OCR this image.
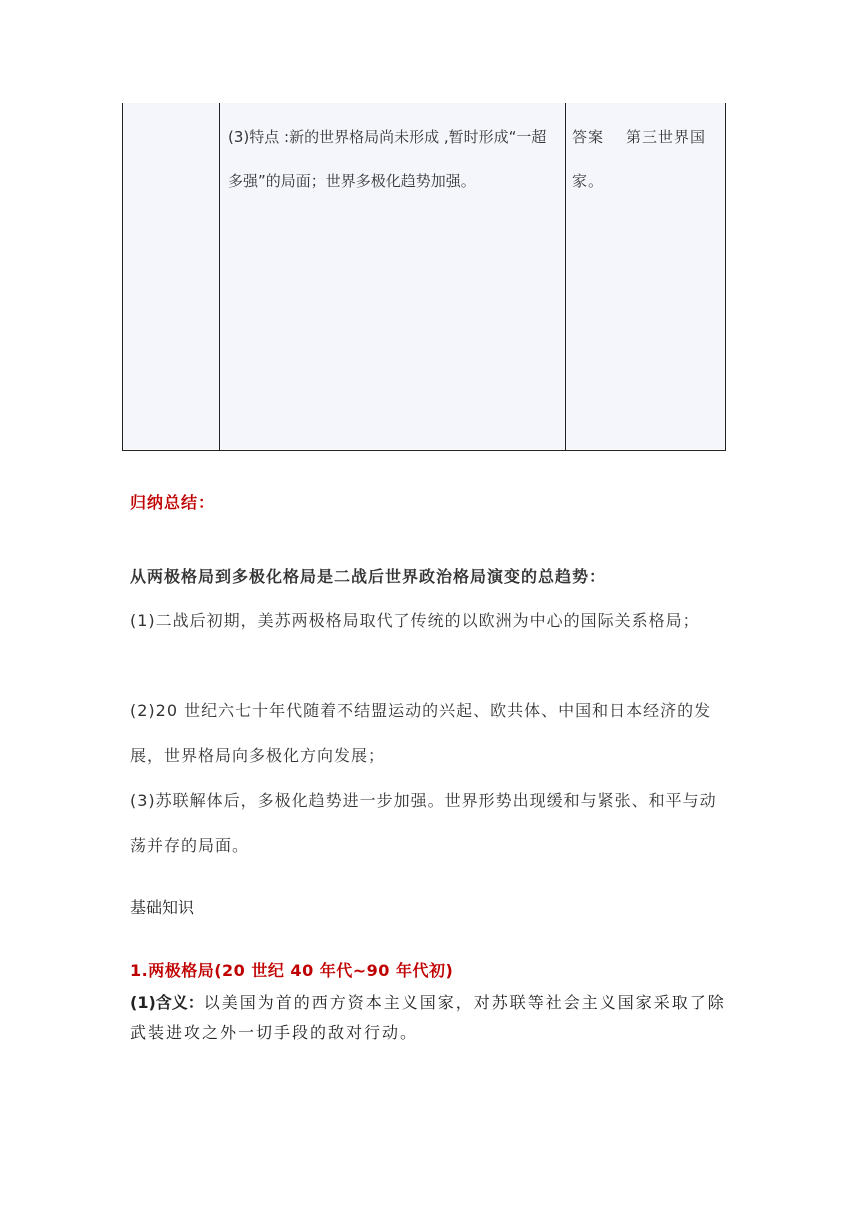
(3)特点 :新的世界格局尚未形成 ,暂时形成“一超多强”的局面；世界多极化趋势加强。
答案 第三世界国家。
归纳总结：
从两极格局到多极化格局是二战后世界政治格局演变的总趋势：
(1)二战后初期，美苏两极格局取代了传统的以欧洲为中心的国际关系格局；
(2)20 世纪六七十年代随着不结盟运动的兴起、欧共体、中国和日本经济的发展，世界格局向多极化方向发展；
(3)苏联解体后，多极化趋势进一步加强。世界形势出现缓和与紧张、和平与动荡并存的局面。
基础知识
1.两极格局(20 世纪 40 年代~90 年代初)
(1)含义：以美国为首的西方资本主义国家，对苏联等社会主义国家采取了除武装进攻之外一切手段的敌对行动。
